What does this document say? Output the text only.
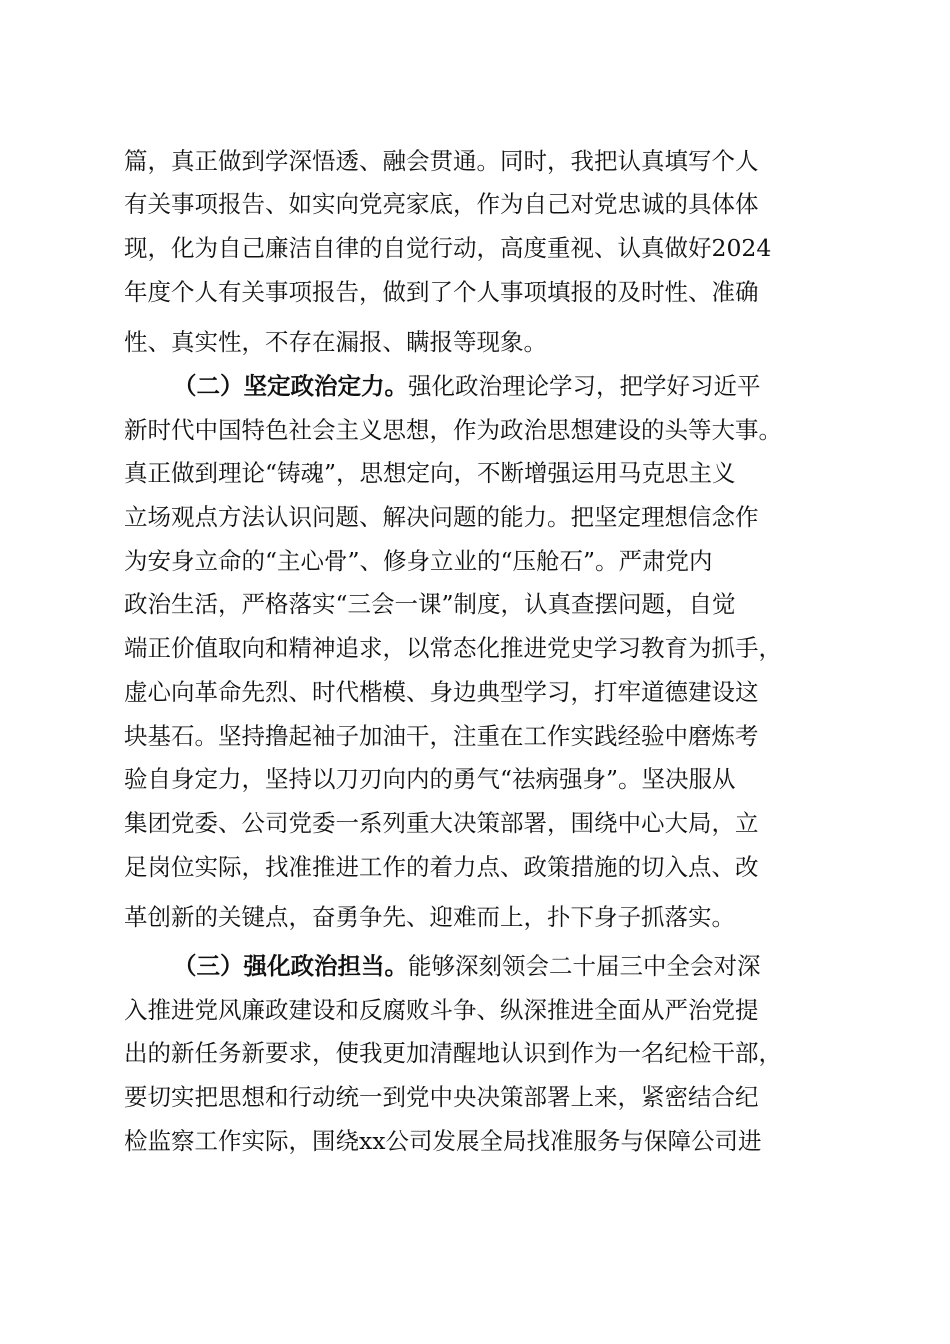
篇，真正做到学深悟透、融会贯通。同时，我把认真填写个人
有关事项报告、如实向党亮家底，作为自己对党忠诚的具体体
现，化为自己廉洁自律的自觉行动，高度重视、认真做好2024
年度个人有关事项报告，做到了个人事项填报的及时性、准确
性、真实性，不存在漏报、瞒报等现象。
（二）坚定政治定力。强化政治理论学习，把学好习近平
新时代中国特色社会主义思想，作为政治思想建设的头等大事。
真正做到理论“铸魂”，思想定向，不断增强运用马克思主义
立场观点方法认识问题、解决问题的能力。把坚定理想信念作
为安身立命的“主心骨”、修身立业的“压舱石”。严肃党内
政治生活，严格落实“三会一课”制度，认真查摆问题，自觉
端正价值取向和精神追求，以常态化推进党史学习教育为抓手，
虚心向革命先烈、时代楷模、身边典型学习，打牢道德建设这
块基石。坚持撸起袖子加油干，注重在工作实践经验中磨炼考
验自身定力，坚持以刀刃向内的勇气“祛病强身”。坚决服从
集团党委、公司党委一系列重大决策部署，围绕中心大局，立
足岗位实际，找准推进工作的着力点、政策措施的切入点、改
革创新的关键点，奋勇争先、迎难而上，扑下身子抓落实。
（三）强化政治担当。能够深刻领会二十届三中全会对深
入推进党风廉政建设和反腐败斗争、纵深推进全面从严治党提
出的新任务新要求，使我更加清醒地认识到作为一名纪检干部，
要切实把思想和行动统一到党中央决策部署上来，紧密结合纪
检监察工作实际，围绕xx公司发展全局找准服务与保障公司进
